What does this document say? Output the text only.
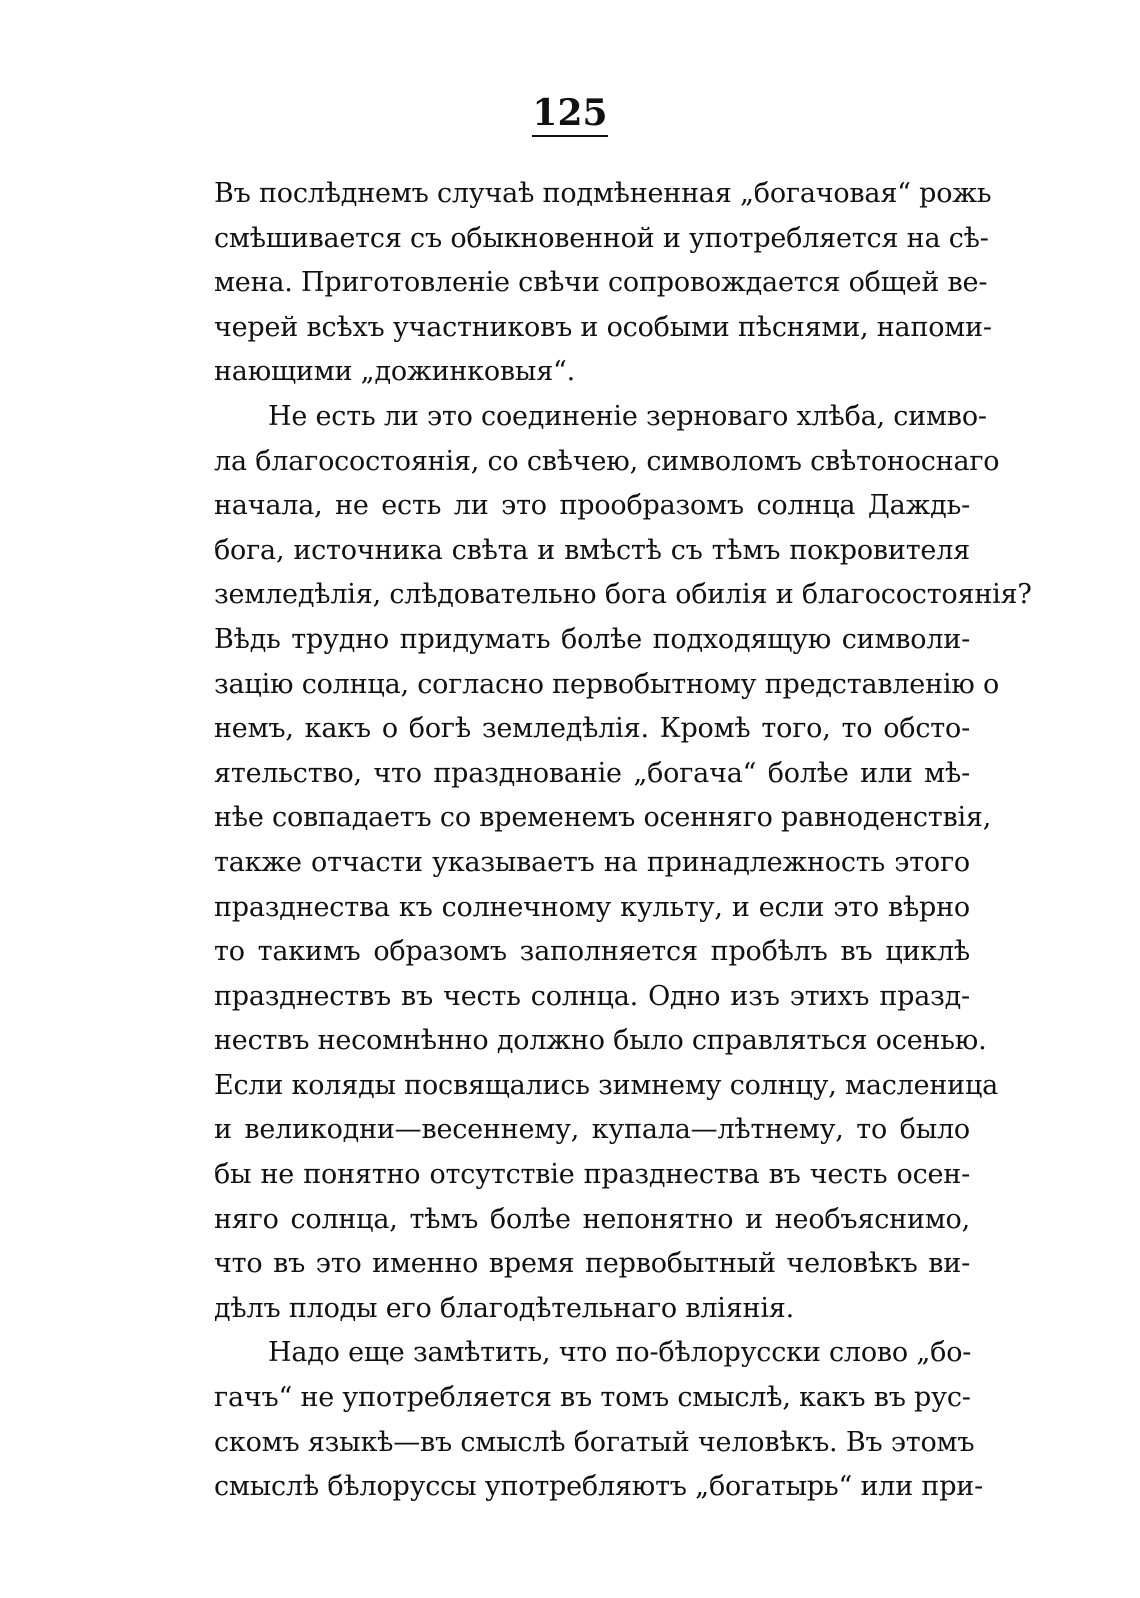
125
Въ послѣднемъ случаѣ подмѣненная „богачовая“ рожь
смѣшивается съ обыкновенной и употребляется на сѣ-
мена. Приготовленіе свѣчи сопровождается общей ве-
черей всѣхъ участниковъ и особыми пѣснями, напоми-
нающими „дожинковыя“.
Не есть ли это соединеніе зерноваго хлѣба, симво-
ла благосостоянія, со свѣчею, символомъ свѣтоноснаго
начала, не есть ли это прообразомъ солнца Даждь-
бога, источника свѣта и вмѣстѣ съ тѣмъ покровителя
земледѣлія, слѣдовательно бога обилія и благосостоянія?
Вѣдь трудно придумать болѣе подходящую символи-
зацію солнца, согласно первобытному представленію о
немъ, какъ о богѣ земледѣлія. Кромѣ того, то обсто-
ятельство, что празднованіе „богача“ болѣе или мѣ-
нѣе совпадаетъ со временемъ осенняго равноденствія,
также отчасти указываетъ на принадлежность этого
празднества къ солнечному культу, и если это вѣрно
то такимъ образомъ заполняется пробѣлъ въ циклѣ
празднествъ въ честь солнца. Одно изъ этихъ празд-
нествъ несомнѣнно должно было справляться осенью.
Если коляды посвящались зимнему солнцу, масленица
и великодни—весеннему, купала—лѣтнему, то было
бы не понятно отсутствіе празднества въ честь осен-
няго солнца, тѣмъ болѣе непонятно и необъяснимо,
что въ это именно время первобытный человѣкъ ви-
дѣлъ плоды его благодѣтельнаго вліянія.
Надо еще замѣтить, что по-бѣлорусски слово „бо-
гачъ“ не употребляется въ томъ смыслѣ, какъ въ рус-
скомъ языкѣ—въ смыслѣ богатый человѣкъ. Въ этомъ
смыслѣ бѣлоруссы употребляютъ „богатырь“ или при-
